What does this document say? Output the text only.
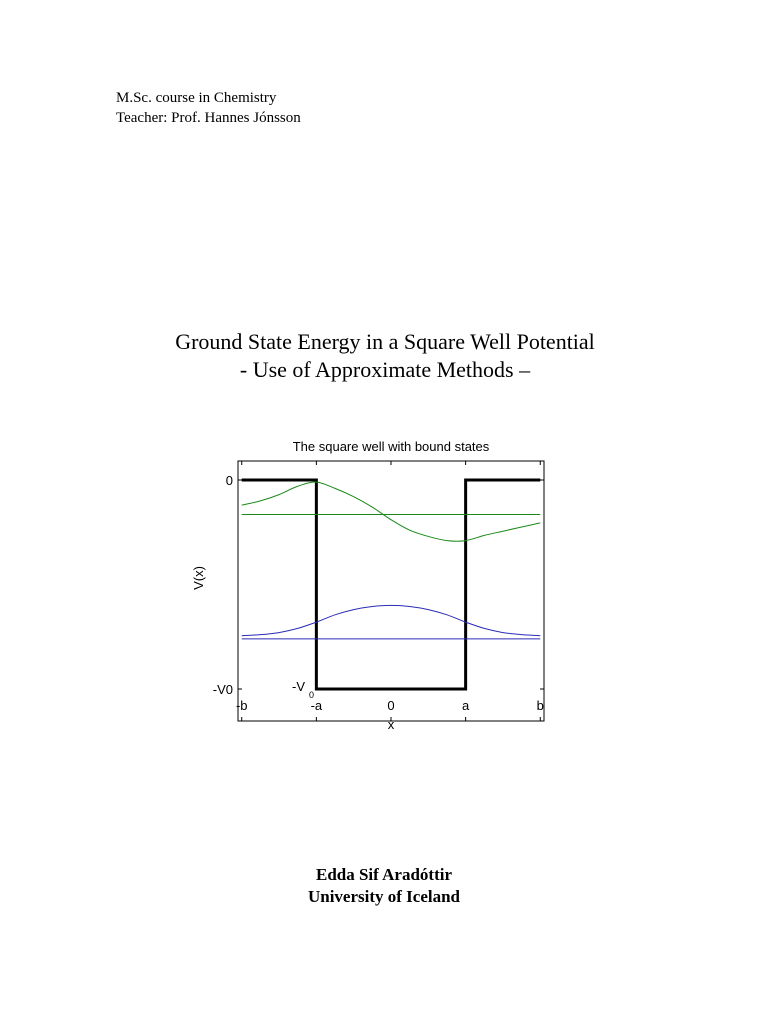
M.Sc. course in Chemistry
Teacher: Prof. Hannes Jónsson
Ground State Energy in a Square Well Potential
- Use of Approximate Methods –
The square well with bound states
-b	-a	0	a	b
0
-V0
V(x)
x
-V
0
Edda Sif Aradóttir
University of Iceland
